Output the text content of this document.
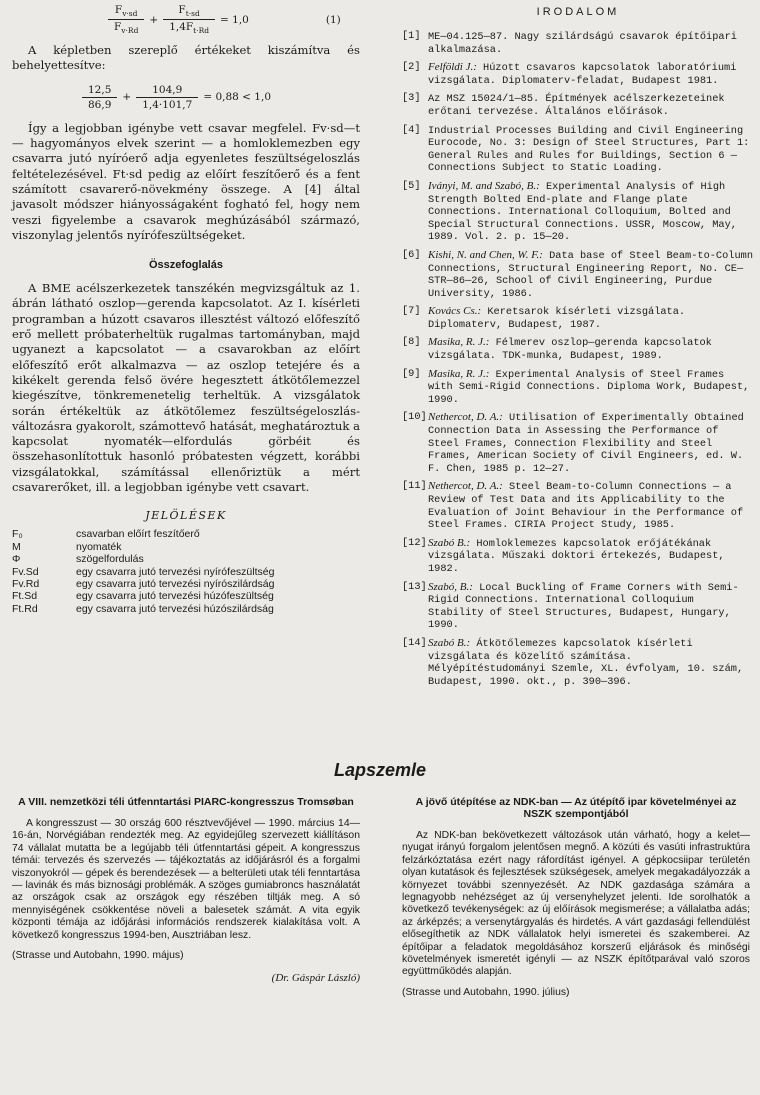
$\frac{F_{v\cdot sd}}{F_{v\cdot Rd}} + \frac{F_{t\cdot sd}}{1,4F_{t\cdot Rd}} = 1,0$	(1)

A képletben szereplő értékeket kiszámítva és behelyettesítve:

$\frac{12,5}{86,9} + \frac{104,9}{1,4\cdot 101,7} = 0,88 < 1,0$

Így a legjobban igénybe vett csavar megfelel. Fv·sd—t — hagyományos elvek szerint — a homloklemezben egy csavarra jutó nyíróerő adja egyenletes feszültségeloszlás feltételezésével. Ft·sd pedig az előírt feszítőerő és a fent számított csavarerő-növekmény összege. A [4] által javasolt módszer hiányosságaként fogható fel, hogy nem veszi figyelembe a csavarok meghúzásából származó, viszonylag jelentős nyírófeszültségeket.

Összefoglalás

A BME acélszerkezetek tanszékén megvizsgáltuk az 1. ábrán látható oszlop—gerenda kapcsolatot. Az I. kísérleti programban a húzott csavaros illesztést változó előfeszítő erő mellett próbaterheltük rugalmas tartományban, majd ugyanezt a kapcsolatot — a csavarokban az előírt előfeszítő erőt alkalmazva — az oszlop tetejére és a kikékelt gerenda felső övére hegesztett átkötőlemezzel kiegészítve, tönkremenetelig terheltük. A vizsgálatok során értékeltük az átkötőlemez feszültségeloszlás-változásra gyakorolt, számottevő hatását, meghatároztuk a kapcsolat nyomaték—elfordulás görbéit és összehasonlítottuk hasonló próbatesten végzett, korábbi vizsgálatokkal, számítással ellenőriztük a mért csavarerőket, ill. a legjobban igénybe vett csavart.

JELÖLÉSEK
F₀	csavarban előírt feszítőerő
M	nyomaték
Φ	szögelfordulás
Fv.Sd	egy csavarra jutó tervezési nyírófeszültség
Fv.Rd	egy csavarra jutó tervezési nyírószilárdság
Ft.Sd	egy csavarra jutó tervezési húzófeszültség
Ft.Rd	egy csavarra jutó tervezési húzószilárdság
IRODALOM
[1] ME—04.125—87. Nagy szilárdságú csavarok építőipari alkalmazása.
[2] Felföldi J.: Húzott csavaros kapcsolatok laboratóriumi vizsgálata. Diplomaterv-feladat, Budapest 1981.
[3] Az MSZ 15024/1—85. Építmények acélszerkezeteinek erőtani tervezése. Általános előírások.
[4] Industrial Processes Building and Civil Engineering Eurocode, No. 3: Design of Steel Structures, Part 1: General Rules and Rules for Buildings, Section 6 — Connections Subject to Static Loading.
[5] Iványi, M. and Szabó, B.: Experimental Analysis of High Strength Bolted End-plate and Flange plate Connections. International Colloquium, Bolted and Special Structural Connections. USSR, Moscow, May, 1989. Vol. 2. p. 15—20.
[6] Kishi, N. and Chen, W. F.: Data base of Steel Beam-to-Column Connections, Structural Engineering Report, No. CE—STR—86—26, School of Civil Engineering, Purdue University, 1986.
[7] Kovács Cs.: Keretsarok kísérleti vizsgálata. Diplomaterv, Budapest, 1987.
[8] Masika, R. J.: Félmerev oszlop—gerenda kapcsolatok vizsgálata. TDK-munka, Budapest, 1989.
[9] Masika, R. J.: Experimental Analysis of Steel Frames with Semi-Rigid Connections. Diploma Work, Budapest, 1990.
[10] Nethercot, D. A.: Utilisation of Experimentally Obtained Connection Data in Assessing the Performance of Steel Frames, Connection Flexibility and Steel Frames, American Society of Civil Engineers, ed. W. F. Chen, 1985 p. 12—27.
[11] Nethercot, D. A.: Steel Beam-to-Column Connections — a Review of Test Data and its Applicability to the Evaluation of Joint Behaviour in the Performance of Steel Frames. CIRIA Project Study, 1985.
[12] Szabó B.: Homloklemezes kapcsolatok erőjátékának vizsgálata. Műszaki doktori értekezés, Budapest, 1982.
[13] Szabó, B.: Local Buckling of Frame Corners with Semi-Rigid Connections. International Colloquium Stability of Steel Structures, Budapest, Hungary, 1990.
[14] Szabó B.: Átkötőlemezes kapcsolatok kísérleti vizsgálata és közelítő számítása. Mélyépítéstudományi Szemle, XL. évfolyam, 10. szám, Budapest, 1990. okt., p. 390—396.
Lapszemle
A VIII. nemzetközi téli útfenntartási PIARC-kongresszus Tromsøban

A kongresszust — 30 ország 600 résztvevőjével — 1990. március 14—16-án, Norvégiában rendezték meg. Az egyidejűleg szervezett kiállításon 74 vállalat mutatta be a legújabb téli útfenntartási gépeit. A kongresszus témái: tervezés és szervezés — tájékoztatás az időjárásról és a forgalmi viszonyokról — gépek és berendezések — a belterületi utak téli fenntartása — lavinák és más biznosági problémák. A szöges gumiabroncs használatát az országok csak az országok egy részében tiltják meg. A só mennyiségének csökkentése növeli a balesetek számát. A vita egyik központi témája az időjárási információs rendszerek kialakítása volt. A következő kongresszus 1994-ben, Ausztriában lesz.

(Strasse und Autobahn, 1990. május)
(Dr. Gáspár László)
A jövő útépítése az NDK-ban — Az útépítő ipar követelményei az NSZK szempontjából

Az NDK-ban bekövetkezett változások után várható, hogy a kelet—nyugat irányú forgalom jelentősen megnő. A közúti és vasúti infrastruktúra felzárkóztatása ezért nagy ráfordítást igényel. A gépkocsiipar területén olyan kutatások és fejlesztések szükségesek, amelyek megakadályozzák a környezet további szennyezését. Az NDK gazdasága számára a legnagyobb nehézséget az új versenyhelyzet jelenti. Ide sorolhatók a következő tevékenységek: az új előírások megismerése; a vállalatba adás; az árképzés; a versenytárgyalás és hirdetés. A várt gazdasági fellendülést elősegíthetik az NDK vállalatok helyi ismeretei és szakemberei. Az építőipar a feladatok megoldásához korszerű eljárások és minőségi követelmények ismeretét igényli — az NSZK építőtparával való szoros együttműködés alapján.

(Strasse und Autobahn, 1990. július)
